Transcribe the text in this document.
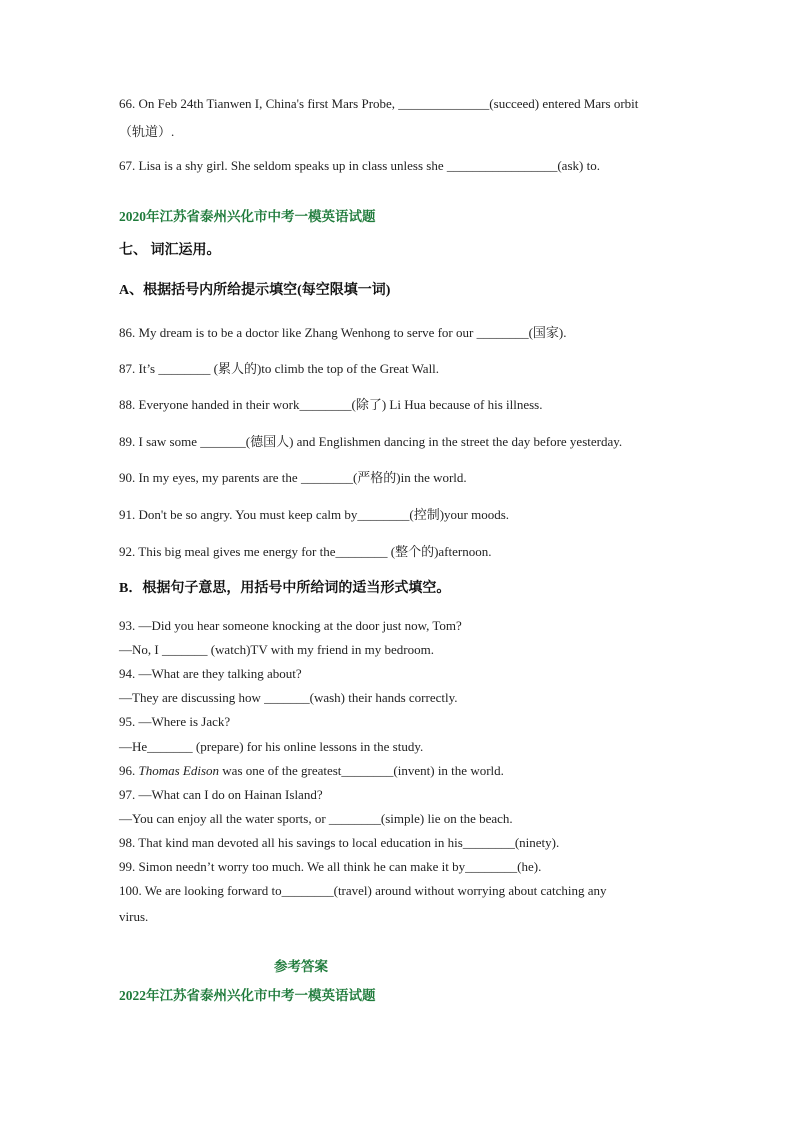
66. On Feb 24th Tianwen I, China's first Mars Probe, ______________(succeed) entered Mars orbit
（轨道）.
67. Lisa is a shy girl. She seldom speaks up in class unless she _________________(ask) to.
2020年江苏省泰州兴化市中考一模英语试题
七、 词汇运用。
A、根据括号内所给提示填空(每空限填一词)
86. My dream is to be a doctor like Zhang Wenhong to serve for our ________(国家).
87. It’s ________ (累人的)to climb the top of the Great Wall.
88. Everyone handed in their work________(除了) Li Hua because of his illness.
89. I saw some _______(德国人) and Englishmen dancing in the street the day before yesterday.
90. In my eyes, my parents are the ________(严格的)in the world.
91. Don't be so angry. You must keep calm by________(控制)your moods.
92. This big meal gives me energy for the________ (整个的)afternoon.
B．根据句子意思，用括号中所给词的适当形式填空。
93. —Did you hear someone knocking at the door just now, Tom?
—No, I _______ (watch)TV with my friend in my bedroom.
94. —What are they talking about?
—They are discussing how _______(wash) their hands correctly.
95. —Where is Jack?
—He_______ (prepare) for his online lessons in the study.
96. Thomas Edison was one of the greatest________(invent) in the world.
97. —What can I do on Hainan Island?
—You can enjoy all the water sports, or ________(simple) lie on the beach.
98. That kind man devoted all his savings to local education in his________(ninety).
99. Simon needn’t worry too much. We all think he can make it by________(he).
100. We are looking forward to________(travel) around without worrying about catching any
virus.
参考答案
2022年江苏省泰州兴化市中考一模英语试题
